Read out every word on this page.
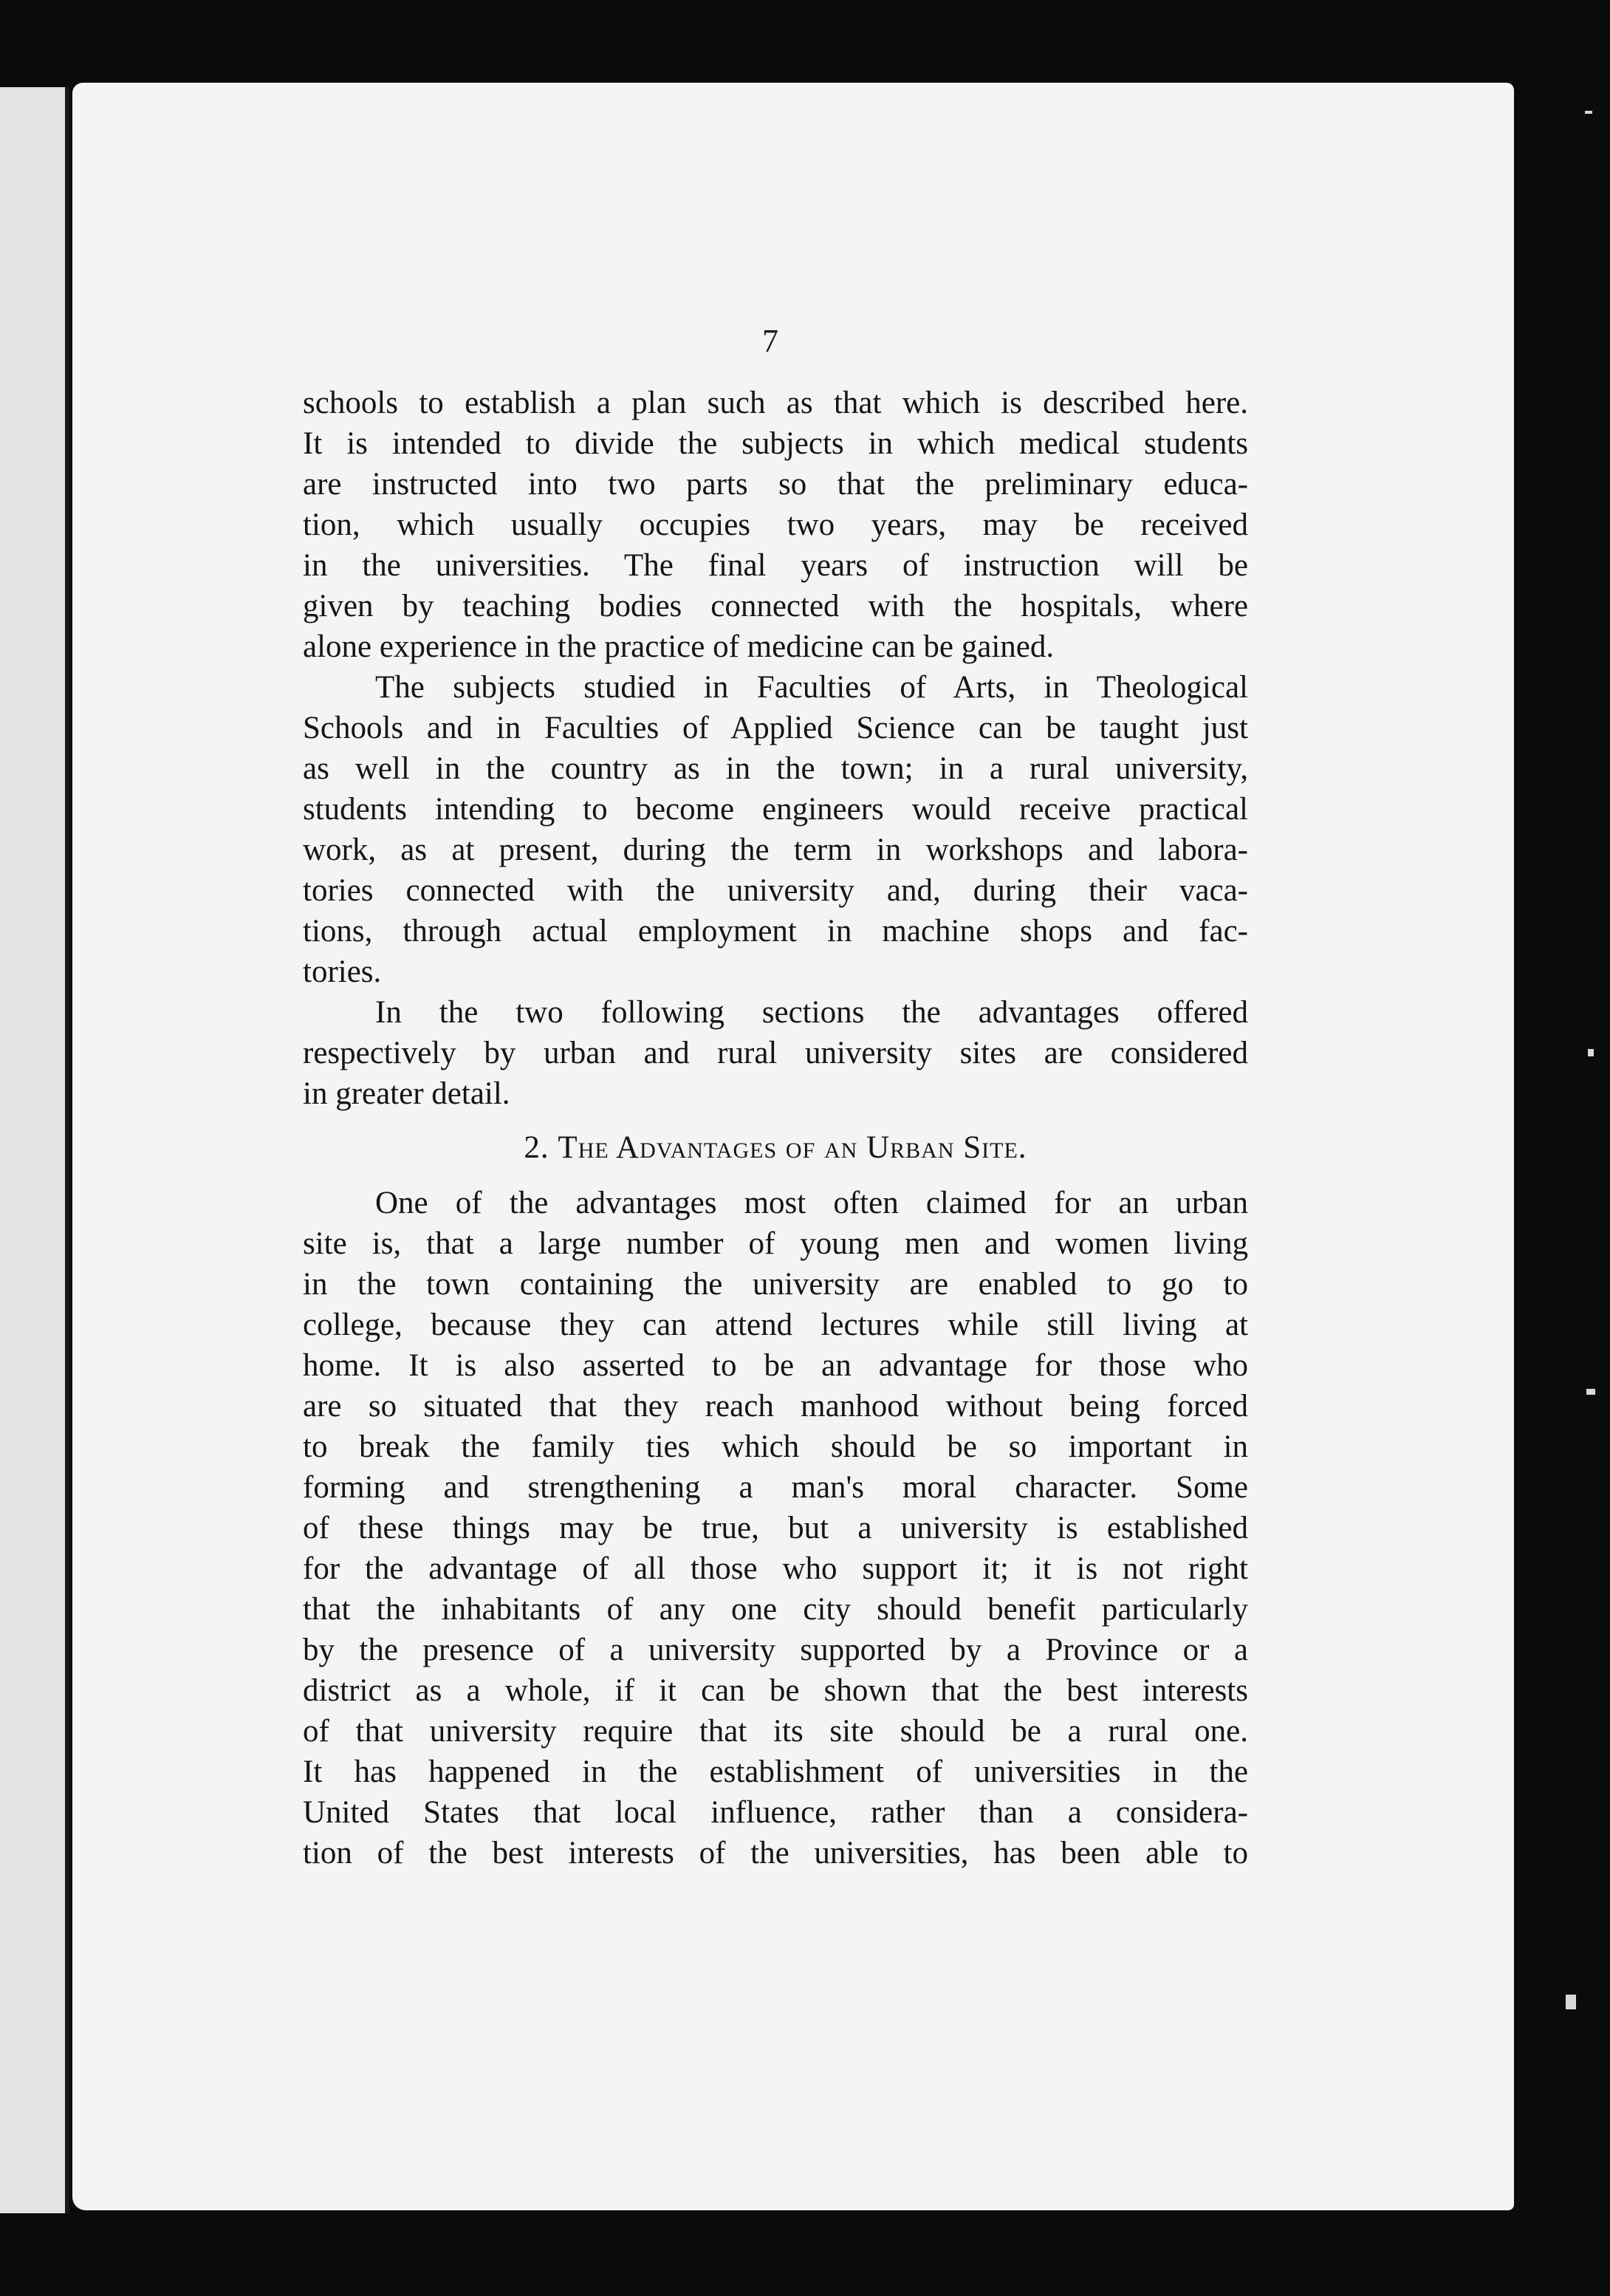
7

schools to establish a plan such as that which is described here.

It is intended to divide the subjects in which medical students

are instructed into two parts so that the preliminary educa-

tion, which usually occupies two years, may be received

in the universities. The final years of instruction will be

given by teaching bodies connected with the hospitals, where

alone experience in the practice of medicine can be gained.

The subjects studied in Faculties of Arts, in Theological

Schools and in Faculties of Applied Science can be taught just

as well in the country as in the town; in a rural university,

students intending to become engineers would receive practical

work, as at present, during the term in workshops and labora-

tories connected with the university and, during their vaca-

tions, through actual employment in machine shops and fac-

tories.

In the two following sections the advantages offered

respectively by urban and rural university sites are considered

in greater detail.

2. The Advantages of an Urban Site.

One of the advantages most often claimed for an urban

site is, that a large number of young men and women living

in the town containing the university are enabled to go to

college, because they can attend lectures while still living at

home. It is also asserted to be an advantage for those who

are so situated that they reach manhood without being forced

to break the family ties which should be so important in

forming and strengthening a man's moral character. Some

of these things may be true, but a university is established

for the advantage of all those who support it; it is not right

that the inhabitants of any one city should benefit particularly

by the presence of a university supported by a Province or a

district as a whole, if it can be shown that the best interests

of that university require that its site should be a rural one.

It has happened in the establishment of universities in the

United States that local influence, rather than a considera-

tion of the best interests of the universities, has been able to
